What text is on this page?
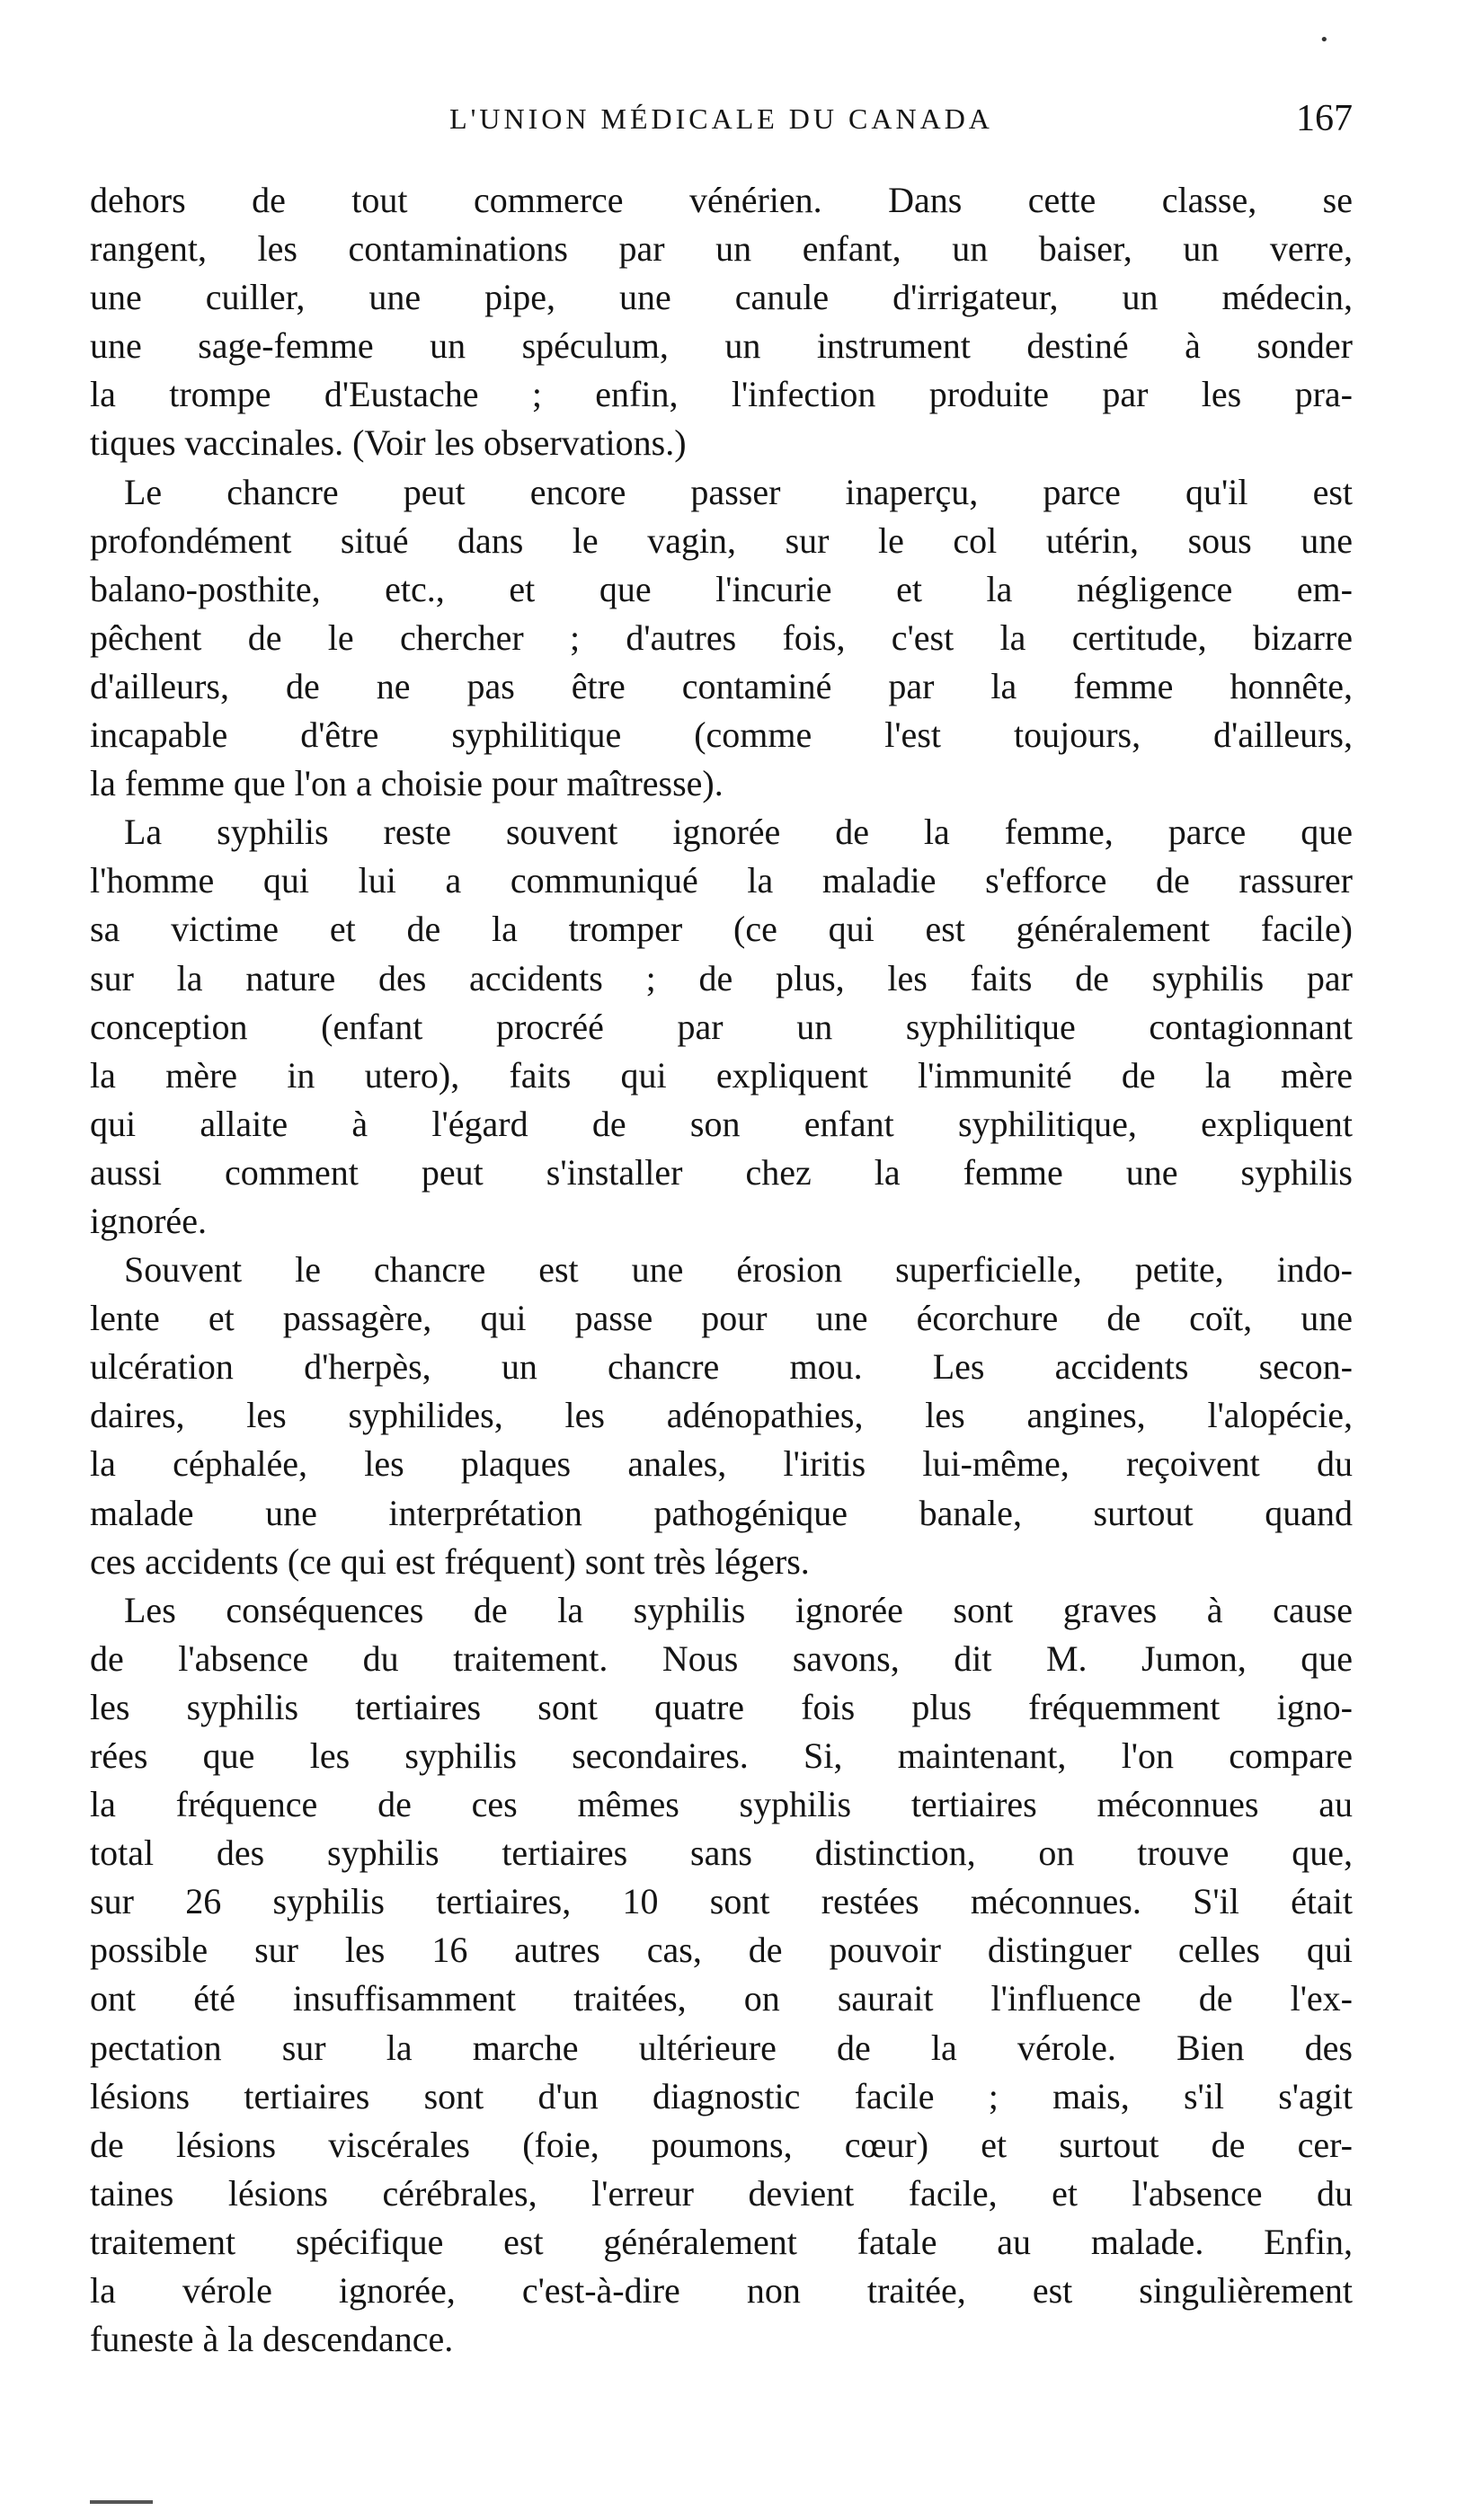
•
L'UNION MÉDICALE DU CANADA	167
dehors de tout commerce vénérien. Dans cette classe, se
rangent, les contaminations par un enfant, un baiser, un verre,
une cuiller, une pipe, une canule d'irrigateur, un médecin,
une sage-femme un spéculum, un instrument destiné à sonder
la trompe d'Eustache ; enfin, l'infection produite par les pra-
tiques vaccinales. (Voir les observations.)
Le chancre peut encore passer inaperçu, parce qu'il est
profondément situé dans le vagin, sur le col utérin, sous une
balano-posthite, etc., et que l'incurie et la négligence em-
pêchent de le chercher ; d'autres fois, c'est la certitude, bizarre
d'ailleurs, de ne pas être contaminé par la femme honnête,
incapable d'être syphilitique (comme l'est toujours, d'ailleurs,
la femme que l'on a choisie pour maîtresse).
La syphilis reste souvent ignorée de la femme, parce que
l'homme qui lui a communiqué la maladie s'efforce de rassurer
sa victime et de la tromper (ce qui est généralement facile)
sur la nature des accidents ; de plus, les faits de syphilis par
conception (enfant procréé par un syphilitique contagionnant
la mère in utero), faits qui expliquent l'immunité de la mère
qui allaite à l'égard de son enfant syphilitique, expliquent
aussi comment peut s'installer chez la femme une syphilis
ignorée.
Souvent le chancre est une érosion superficielle, petite, indo-
lente et passagère, qui passe pour une écorchure de coït, une
ulcération d'herpès, un chancre mou. Les accidents secon-
daires, les syphilides, les adénopathies, les angines, l'alopécie,
la céphalée, les plaques anales, l'iritis lui-même, reçoivent du
malade une interprétation pathogénique banale, surtout quand
ces accidents (ce qui est fréquent) sont très légers.
Les conséquences de la syphilis ignorée sont graves à cause
de l'absence du traitement. Nous savons, dit M. Jumon, que
les syphilis tertiaires sont quatre fois plus fréquemment igno-
rées que les syphilis secondaires. Si, maintenant, l'on compare
la fréquence de ces mêmes syphilis tertiaires méconnues au
total des syphilis tertiaires sans distinction, on trouve que,
sur 26 syphilis tertiaires, 10 sont restées méconnues. S'il était
possible sur les 16 autres cas, de pouvoir distinguer celles qui
ont été insuffisamment traitées, on saurait l'influence de l'ex-
pectation sur la marche ultérieure de la vérole. Bien des
lésions tertiaires sont d'un diagnostic facile ; mais, s'il s'agit
de lésions viscérales (foie, poumons, cœur) et surtout de cer-
taines lésions cérébrales, l'erreur devient facile, et l'absence du
traitement spécifique est généralement fatale au malade. Enfin,
la vérole ignorée, c'est-à-dire non traitée, est singulièrement
funeste à la descendance.
